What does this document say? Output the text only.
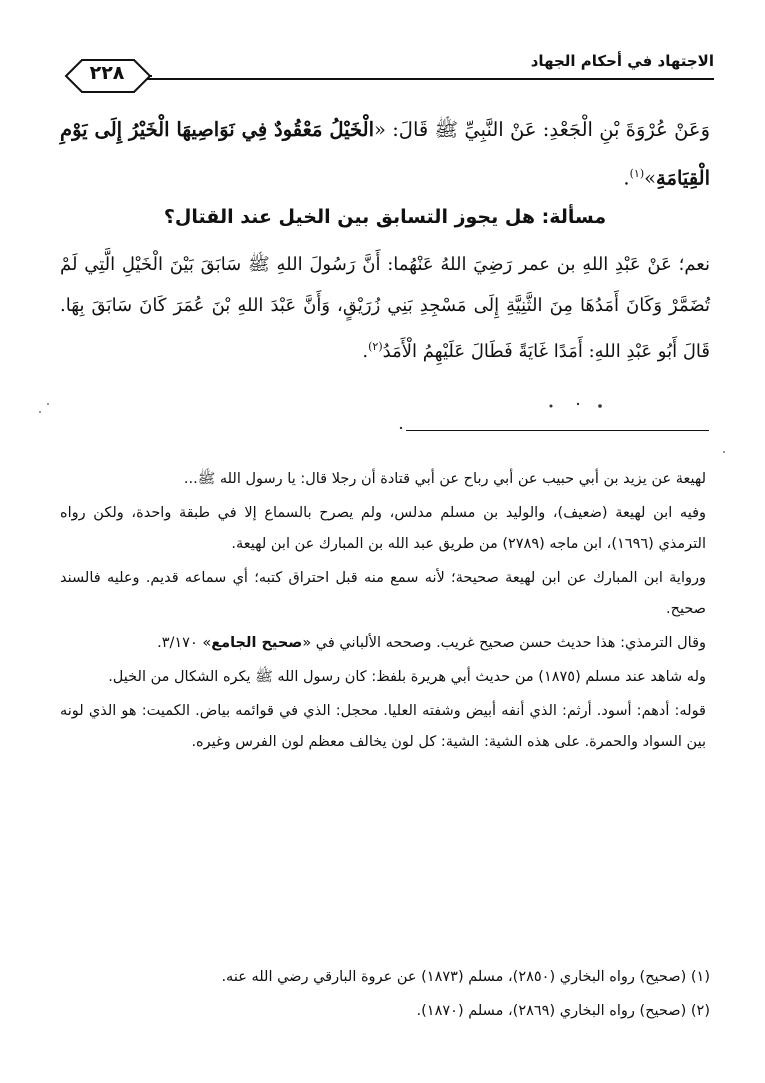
الاجتهاد في أحكام الجهاد
٢٢٨
وَعَنْ عُرْوَةَ بْنِ الْجَعْدِ: عَنْ النَّبِيِّ ﷺ قَالَ: «الْخَيْلُ مَعْقُودٌ فِي نَوَاصِيهَا الْخَيْرُ إِلَى يَوْمِ الْقِيَامَةِ»$^{(١)}$.
مسألة: هل يجوز التسابق بين الخيل عند القتال؟
نعم؛ عَنْ عَبْدِ اللهِ بن عمر رَضِيَ اللهُ عَنْهُما: أَنَّ رَسُولَ اللهِ ﷺ سَابَقَ بَيْنَ الْخَيْلِ الَّتِي لَمْ تُضَمَّرْ وَكَانَ أَمَدُهَا مِنَ الثَّنِيَّةِ إِلَى مَسْجِدِ بَنِي زُرَيْقٍ، وَأَنَّ عَبْدَ اللهِ بْنَ عُمَرَ كَانَ سَابَقَ بِهَا. قَالَ أَبُو عَبْدِ اللهِ: أَمَدًا غَايَةً فَطَالَ عَلَيْهِمُ الْأَمَدُ$^{(٢)}$.

لهيعة عن يزيد بن أبي حبيب عن أبي رباح عن أبي قتادة أن رجلا قال: يا رسول الله ﷺ...

وفيه ابن لهيعة (ضعيف)، والوليد بن مسلم مدلس، ولم يصرح بالسماع إلا في طبقة واحدة، ولكن رواه الترمذي (١٦٩٦)، ابن ماجه (٢٧٨٩) من طريق عبد الله بن المبارك عن ابن لهيعة.

ورواية ابن المبارك عن ابن لهيعة صحيحة؛ لأنه سمع منه قبل احتراق كتبه؛ أي سماعه قديم. وعليه فالسند صحيح.

وقال الترمذي: هذا حديث حسن صحيح غريب. وصححه الألباني في «صحيح الجامع» ٣/١٧٠.

وله شاهد عند مسلم (١٨٧٥) من حديث أبي هريرة بلفظ: كان رسول الله ﷺ يكره الشكال من الخيل.

قوله: أدهم: أسود. أرثم: الذي أنفه أبيض وشفته العليا. محجل: الذي في قوائمه بياض. الكميت: هو الذي لونه بين السواد والحمرة. على هذه الشية: الشية: كل لون يخالف معظم لون الفرس وغيره.

(١) (صحيح) رواه البخاري (٢٨٥٠)، مسلم (١٨٧٣) عن عروة البارقي رضي الله عنه.

(٢) (صحيح) رواه البخاري (٢٨٦٩)، مسلم (١٨٧٠).
